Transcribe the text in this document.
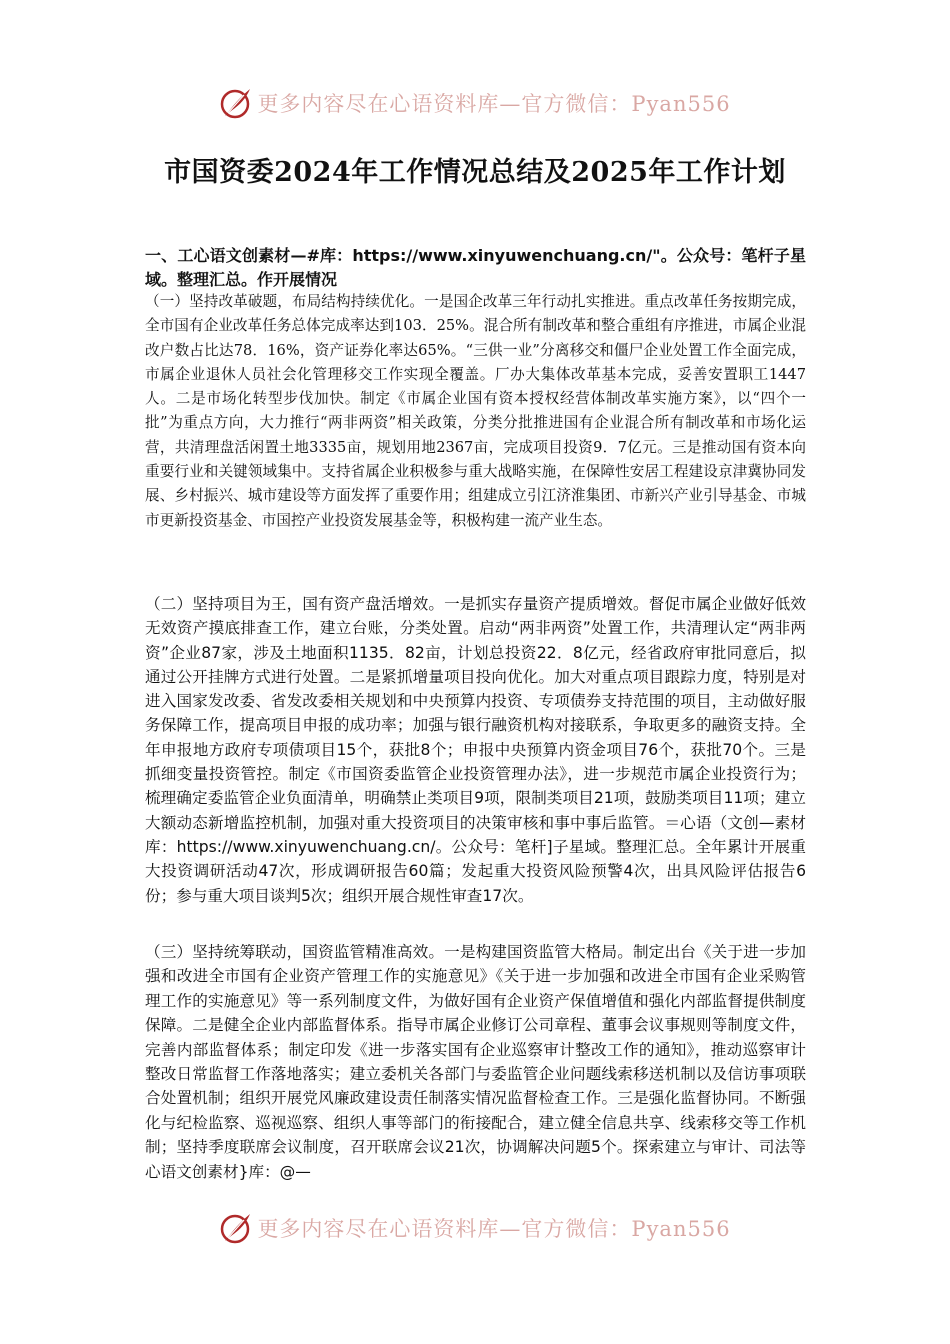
更多内容尽在心语资料库—官方微信：Pyan556
市国资委2024年工作情况总结及2025年工作计划
一、工心语文创素材—#库：https://www.xinyuwenchuang.cn/"。公众号：笔杆子星域。整理汇总。作开展情况

（一）坚持改革破题，布局结构持续优化。一是国企改革三年行动扎实推进。重点改革任务按期完成，全市国有企业改革任务总体完成率达到103．25%。混合所有制改革和整合重组有序推进，市属企业混改户数占比达78．16%，资产证券化率达65%。“三供一业”分离移交和僵尸企业处置工作全面完成，市属企业退休人员社会化管理移交工作实现全覆盖。厂办大集体改革基本完成，妥善安置职工1447人。二是市场化转型步伐加快。制定《市属企业国有资本授权经营体制改革实施方案》，以“四个一批”为重点方向，大力推行“两非两资”相关政策，分类分批推进国有企业混合所有制改革和市场化运营，共清理盘活闲置土地3335亩，规划用地2367亩，完成项目投资9．7亿元。三是推动国有资本向重要行业和关键领域集中。支持省属企业积极参与重大战略实施，在保障性安居工程建设京津冀协同发展、乡村振兴、城市建设等方面发挥了重要作用；组建成立引江济淮集团、市新兴产业引导基金、市城市更新投资基金、市国控产业投资发展基金等，积极构建一流产业生态。

（二）坚持项目为王，国有资产盘活增效。一是抓实存量资产提质增效。督促市属企业做好低效无效资产摸底排查工作，建立台账，分类处置。启动“两非两资”处置工作，共清理认定“两非两资”企业87家，涉及土地面积1135．82亩，计划总投资22．8亿元，经省政府审批同意后，拟通过公开挂牌方式进行处置。二是紧抓增量项目投向优化。加大对重点项目跟踪力度，特别是对进入国家发改委、省发改委相关规划和中央预算内投资、专项债券支持范围的项目，主动做好服务保障工作，提高项目申报的成功率；加强与银行融资机构对接联系，争取更多的融资支持。全年申报地方政府专项债项目15个，获批8个；申报中央预算内资金项目76个，获批70个。三是抓细变量投资管控。制定《市国资委监管企业投资管理办法》，进一步规范市属企业投资行为；梳理确定委监管企业负面清单，明确禁止类项目9项，限制类项目21项，鼓励类项目11项；建立大额动态新增监控机制，加强对重大投资项目的决策审核和事中事后监管。＝心语（文创—素材库：https://www.xinyuwenchuang.cn/。公众号：笔杆]子星域。整理汇总。全年累计开展重大投资调研活动47次，形成调研报告60篇；发起重大投资风险预警4次，出具风险评估报告6份；参与重大项目谈判5次；组织开展合规性审查17次。

（三）坚持统筹联动，国资监管精准高效。一是构建国资监管大格局。制定出台《关于进一步加强和改进全市国有企业资产管理工作的实施意见》《关于进一步加强和改进全市国有企业采购管理工作的实施意见》等一系列制度文件，为做好国有企业资产保值增值和强化内部监督提供制度保障。二是健全企业内部监督体系。指导市属企业修订公司章程、董事会议事规则等制度文件，完善内部监督体系；制定印发《进一步落实国有企业巡察审计整改工作的通知》，推动巡察审计整改日常监督工作落地落实；建立委机关各部门与委监管企业问题线索移送机制以及信访事项联合处置机制；组织开展党风廉政建设责任制落实情况监督检查工作。三是强化监督协同。不断强化与纪检监察、巡视巡察、组织人事等部门的衔接配合，建立健全信息共享、线索移交等工作机制；坚持季度联席会议制度，召开联席会议21次，协调解决问题5个。探索建立与审计、司法等心语文创素材}库：@—

更多内容尽在心语资料库—官方微信：Pyan556
